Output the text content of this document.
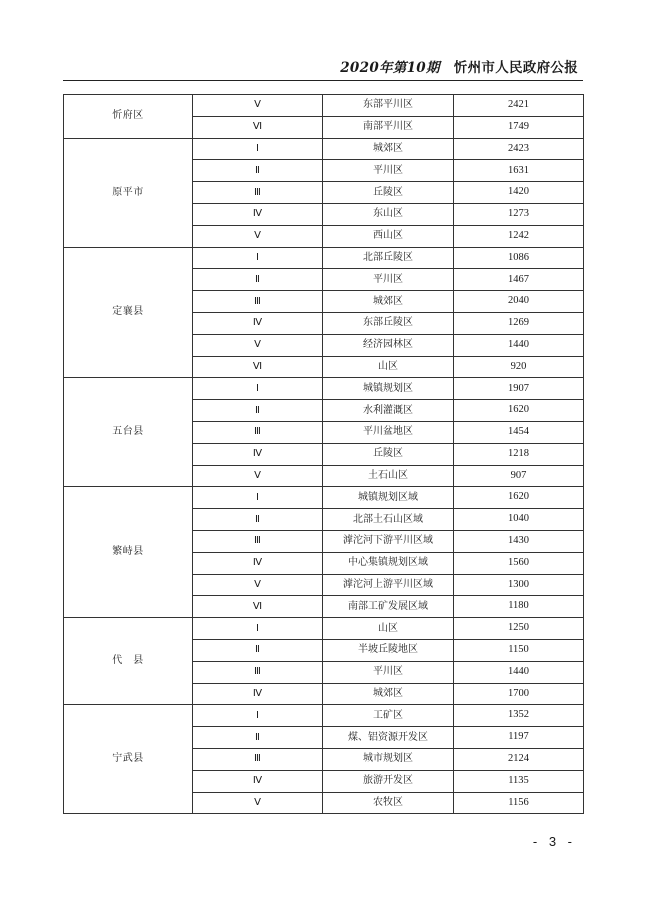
2020年第10期 忻州市人民政府公报
忻府区	Ⅴ	东部平川区	2421
	Ⅵ	南部平川区	1749
原平市	Ⅰ	城郊区	2423
	Ⅱ	平川区	1631
	Ⅲ	丘陵区	1420
	Ⅳ	东山区	1273
	Ⅴ	西山区	1242
定襄县	Ⅰ	北部丘陵区	1086
	Ⅱ	平川区	1467
	Ⅲ	城郊区	2040
	Ⅳ	东部丘陵区	1269
	Ⅴ	经济园林区	1440
	Ⅵ	山区	920
五台县	Ⅰ	城镇规划区	1907
	Ⅱ	水利灌溉区	1620
	Ⅲ	平川盆地区	1454
	Ⅳ	丘陵区	1218
	Ⅴ	土石山区	907
繁峙县	Ⅰ	城镇规划区域	1620
	Ⅱ	北部土石山区域	1040
	Ⅲ	滹沱河下游平川区域	1430
	Ⅳ	中心集镇规划区域	1560
	Ⅴ	滹沱河上游平川区域	1300
	Ⅵ	南部工矿发展区域	1180
代　县	Ⅰ	山区	1250
	Ⅱ	半坡丘陵地区	1150
	Ⅲ	平川区	1440
	Ⅳ	城郊区	1700
宁武县	Ⅰ	工矿区	1352
	Ⅱ	煤、铝资源开发区	1197
	Ⅲ	城市规划区	2124
	Ⅳ	旅游开发区	1135
	Ⅴ	农牧区	1156
- 3 -
